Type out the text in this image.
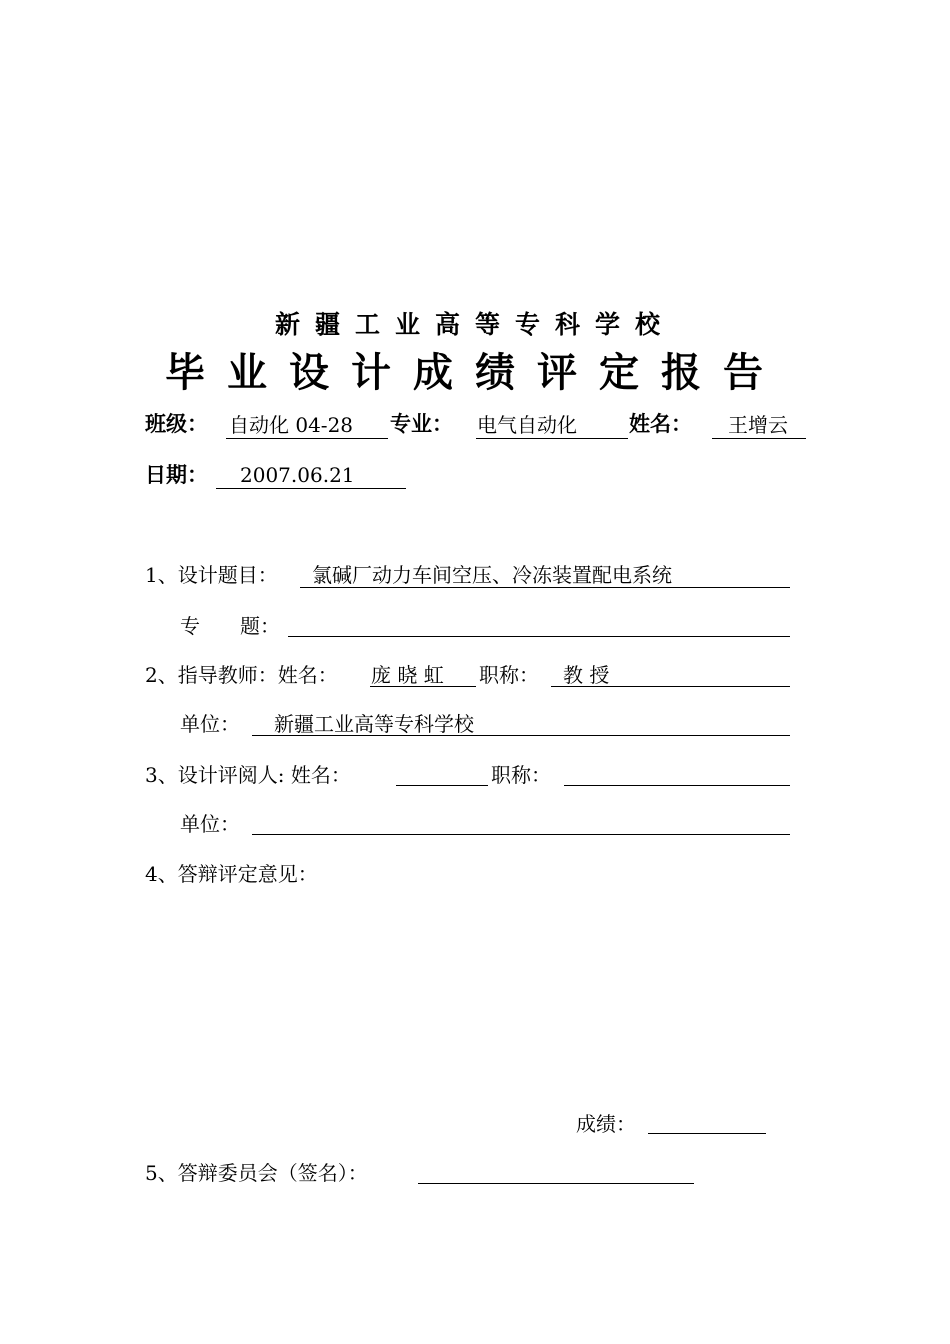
新疆工业高等专科学校
毕业设计成绩评定报告
班级： 自动化 04-28 专业： 电气自动化 姓名： 王增云
日期： 2007.06.21
1、设计题目： 氯碱厂动力车间空压、冷冻装置配电系统
专　　题：
2、指导教师：姓名： 庞 晓 虹 职称： 教 授
单位： 新疆工业高等专科学校
3、设计评阅人: 姓名：	职称：
单位：
4、答辩评定意见：
成绩：
5、答辩委员会（签名）：
